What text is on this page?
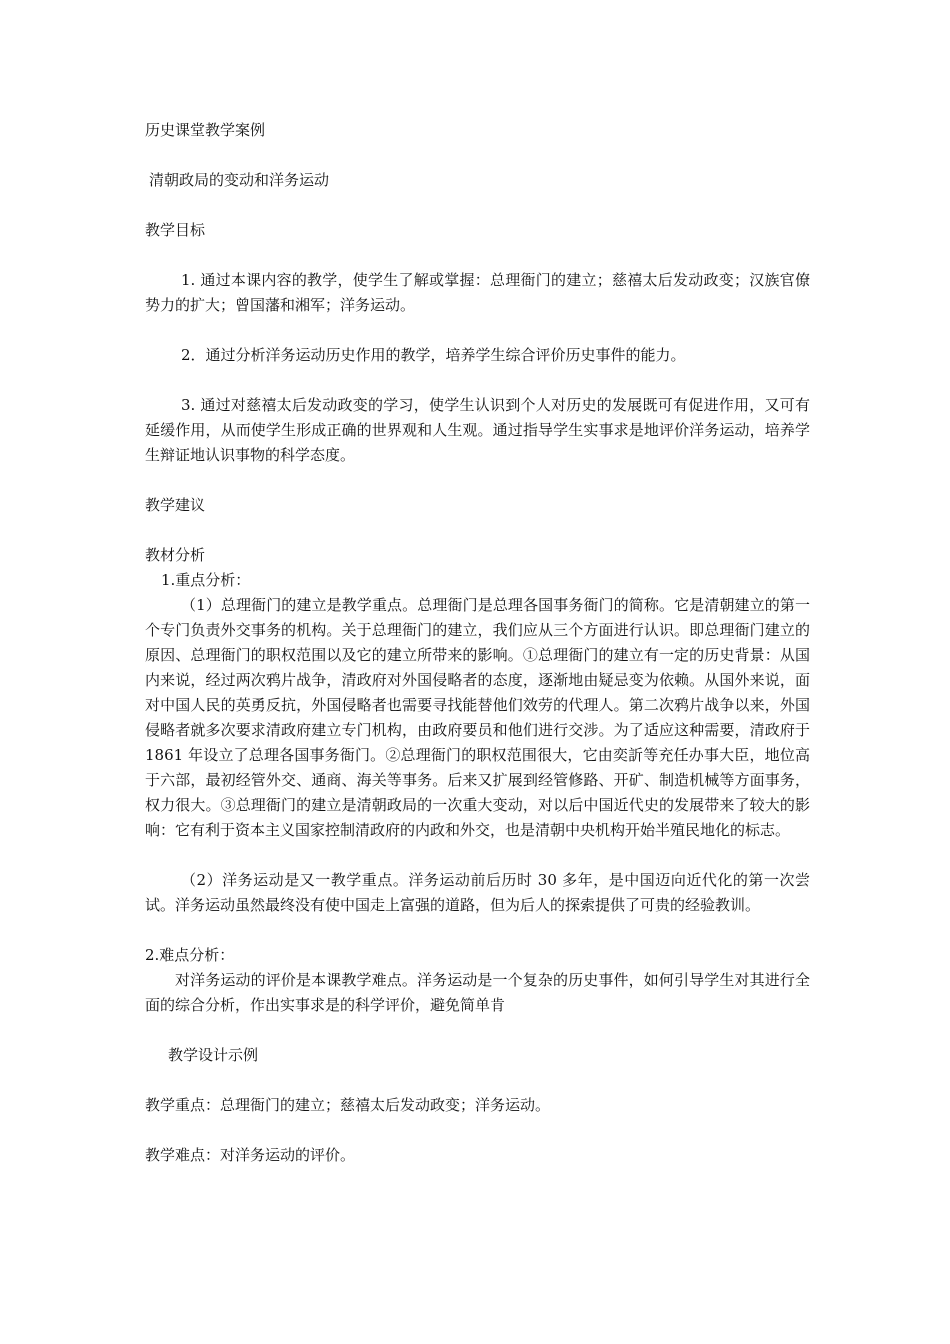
历史课堂教学案例

清朝政局的变动和洋务运动

教学目标

1. 通过本课内容的教学，使学生了解或掌握：总理衙门的建立；慈禧太后发动政变；汉族官僚势力的扩大；曾国藩和湘军；洋务运动。

2．通过分析洋务运动历史作用的教学，培养学生综合评价历史事件的能力。

3. 通过对慈禧太后发动政变的学习，使学生认识到个人对历史的发展既可有促进作用，又可有延缓作用，从而使学生形成正确的世界观和人生观。通过指导学生实事求是地评价洋务运动，培养学生辩证地认识事物的科学态度。

教学建议

教材分析

1.重点分析：

（1）总理衙门的建立是教学重点。总理衙门是总理各国事务衙门的简称。它是清朝建立的第一个专门负责外交事务的机构。关于总理衙门的建立，我们应从三个方面进行认识。即总理衙门建立的原因、总理衙门的职权范围以及它的建立所带来的影响。①总理衙门的建立有一定的历史背景：从国内来说，经过两次鸦片战争，清政府对外国侵略者的态度，逐渐地由疑忌变为依赖。从国外来说，面对中国人民的英勇反抗，外国侵略者也需要寻找能替他们效劳的代理人。第二次鸦片战争以来，外国侵略者就多次要求清政府建立专门机构，由政府要员和他们进行交涉。为了适应这种需要，清政府于 1861 年设立了总理各国事务衙门。②总理衙门的职权范围很大，它由奕訢等充任办事大臣，地位高于六部，最初经管外交、通商、海关等事务。后来又扩展到经管修路、开矿、制造机械等方面事务，权力很大。③总理衙门的建立是清朝政局的一次重大变动，对以后中国近代史的发展带来了较大的影响：它有利于资本主义国家控制清政府的内政和外交，也是清朝中央机构开始半殖民地化的标志。

（2）洋务运动是又一教学重点。洋务运动前后历时 30 多年，是中国迈向近代化的第一次尝试。洋务运动虽然最终没有使中国走上富强的道路，但为后人的探索提供了可贵的经验教训。

2.难点分析：

对洋务运动的评价是本课教学难点。洋务运动是一个复杂的历史事件，如何引导学生对其进行全面的综合分析，作出实事求是的科学评价，避免简单肯

教学设计示例

教学重点：总理衙门的建立；慈禧太后发动政变；洋务运动。

教学难点：对洋务运动的评价。
